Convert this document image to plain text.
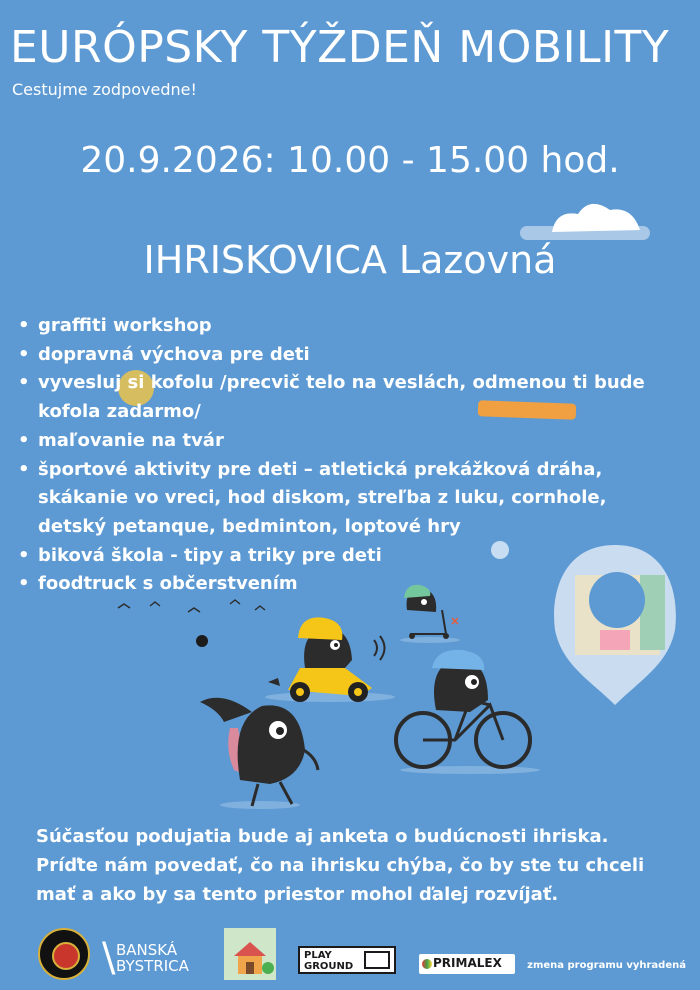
EURÓPSKY TÝŽDEŇ MOBILITY
Cestujme zodpovedne!
20.9.2026: 10.00 - 15.00 hod.
IHRISKOVICA Lazovná
• graffiti workshop
• dopravná výchova pre deti
• vyvesluj si kofolu /precvič telo na veslách, odmenou ti bude kofola zadarmo/
• maľovanie na tvár
• športové aktivity pre deti – atletická prekážková dráha, skákanie vo vreci, hod diskom, streľba z luku, cornhole, detský petanque, bedminton, loptové hry
• biková škola - tipy a triky pre deti
• foodtruck s občerstvením
Súčasťou podujatia bude aj anketa o budúcnosti ihriska. Príďte nám povedať, čo na ihrisku chýba, čo by ste tu chceli mať a ako by sa tento priestor mohol ďalej rozvíjať.
\ BANSKÁ BYSTRICA
PLAY GROUND	PRIMALEX	zmena programu vyhradená
